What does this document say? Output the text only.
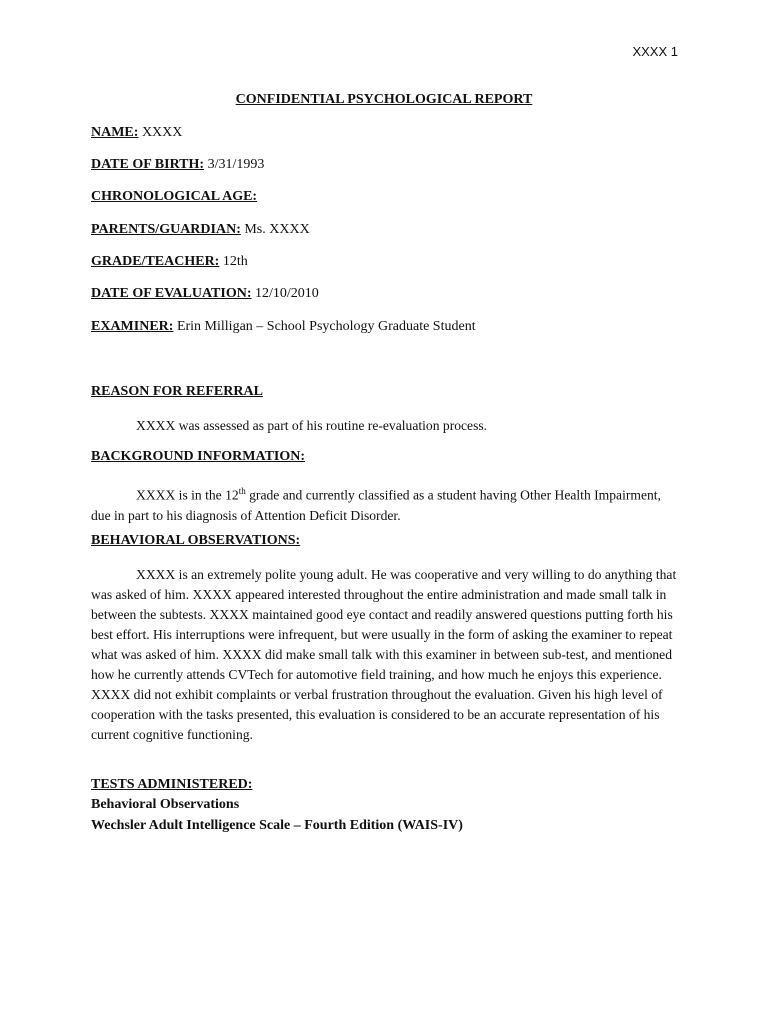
XXXX 1
CONFIDENTIAL PSYCHOLOGICAL REPORT
NAME: XXXX
DATE OF BIRTH: 3/31/1993
CHRONOLOGICAL AGE:
PARENTS/GUARDIAN: Ms. XXXX
GRADE/TEACHER: 12th
DATE OF EVALUATION: 12/10/2010
EXAMINER: Erin Milligan – School Psychology Graduate Student
REASON FOR REFERRAL
XXXX was assessed as part of his routine re-evaluation process.
BACKGROUND INFORMATION:
XXXX is in the 12th grade and currently classified as a student having Other Health Impairment, due in part to his diagnosis of Attention Deficit Disorder.
BEHAVIORAL OBSERVATIONS:
XXXX is an extremely polite young adult. He was cooperative and very willing to do anything that was asked of him. XXXX appeared interested throughout the entire administration and made small talk in between the subtests. XXXX maintained good eye contact and readily answered questions putting forth his best effort. His interruptions were infrequent, but were usually in the form of asking the examiner to repeat what was asked of him. XXXX did make small talk with this examiner in between sub-test, and mentioned how he currently attends CVTech for automotive field training, and how much he enjoys this experience. XXXX did not exhibit complaints or verbal frustration throughout the evaluation. Given his high level of cooperation with the tasks presented, this evaluation is considered to be an accurate representation of his current cognitive functioning.
TESTS ADMINISTERED:
Behavioral Observations
Wechsler Adult Intelligence Scale – Fourth Edition (WAIS-IV)
